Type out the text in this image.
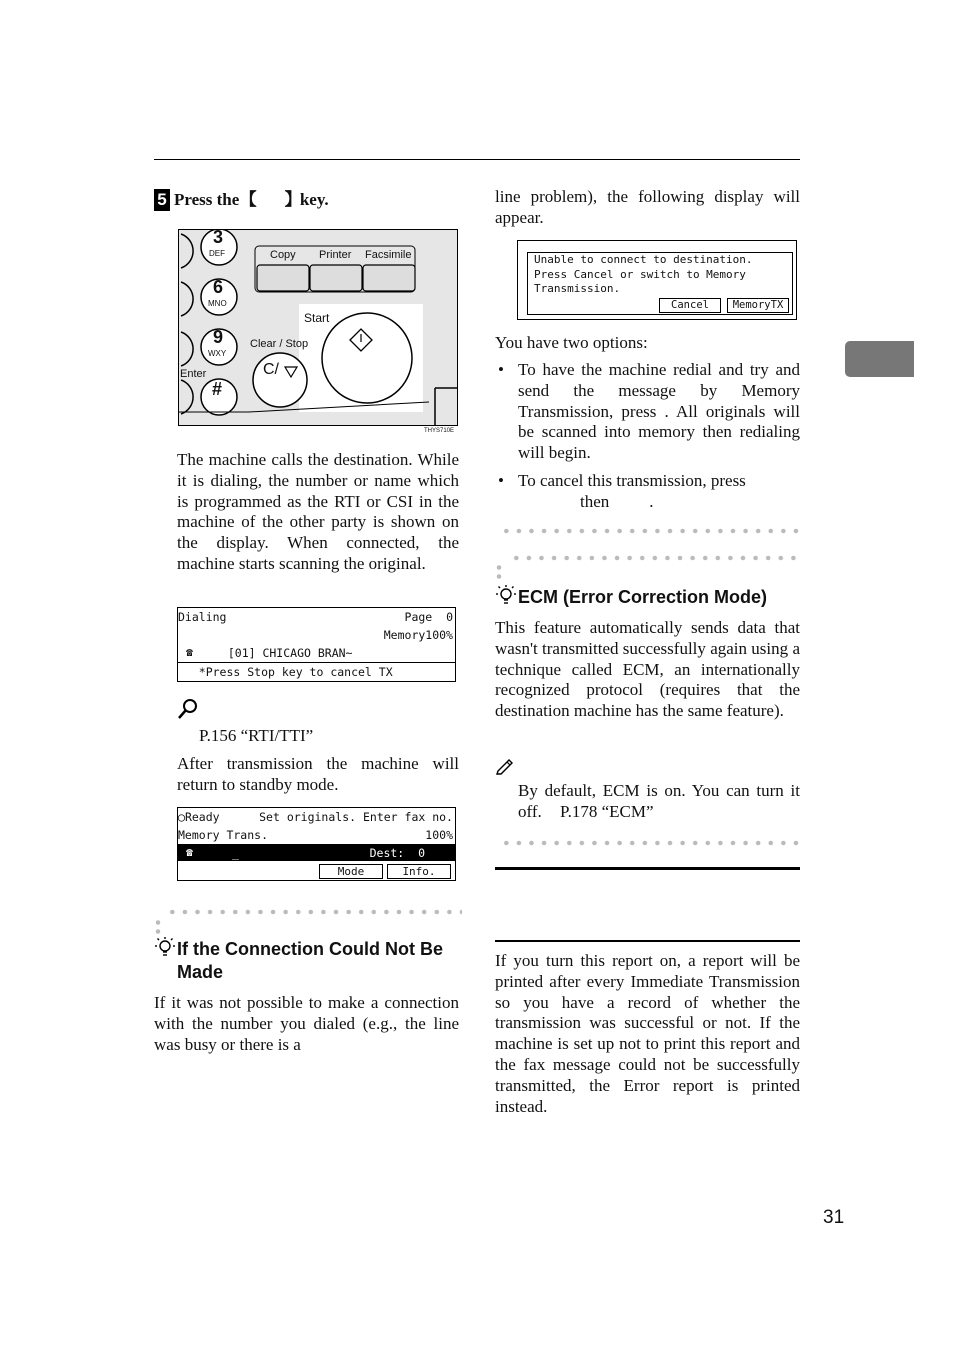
5 Press the 【 】 key.
3
DEF
6
MNO
9
WXY
#
Enter
Copy Printer Facsimile
Start
Clear / Stop
C/
THYS710E
The machine calls the destination. While it is dialing, the number or name which is programmed as the RTI or CSI in the machine of the other party is shown on the display. When connected, the machine starts scanning the original.
Dialing	Page  0
Memory100%
☎ [01] CHICAGO BRAN~
*Press Stop key to cancel TX
P.156 “RTI/TTI”
After transmission the machine will return to standby mode.
◯Ready	Set originals. Enter fax no.
Memory Trans.	100%
☎	_	Dest:  0
Mode	Info.
If the Connection Could Not Be Made
If it was not possible to make a connection with the number you dialed (e.g., the line was busy or there is a
line problem), the following display will appear.
Unable to connect to destination.
Press Cancel or switch to Memory
Transmission.
Cancel	MemoryTX
You have two options:
• To have the machine redial and try and send the message by Memory Transmission, press . All originals will be scanned into memory then redialing will begin.
• To cancel this transmission, press
then .
ECM (Error Correction Mode)
This feature automatically sends data that wasn't transmitted successfully again using a technique called ECM, an internationally recognized protocol (requires that the destination machine has the same feature).
By default, ECM is on. You can turn it off. P.178 “ECM”
If you turn this report on, a report will be printed after every Immediate Transmission so you have a record of whether the transmission was successful or not. If the machine is set up not to print this report and the fax message could not be successfully transmitted, the Error report is printed instead.
31
